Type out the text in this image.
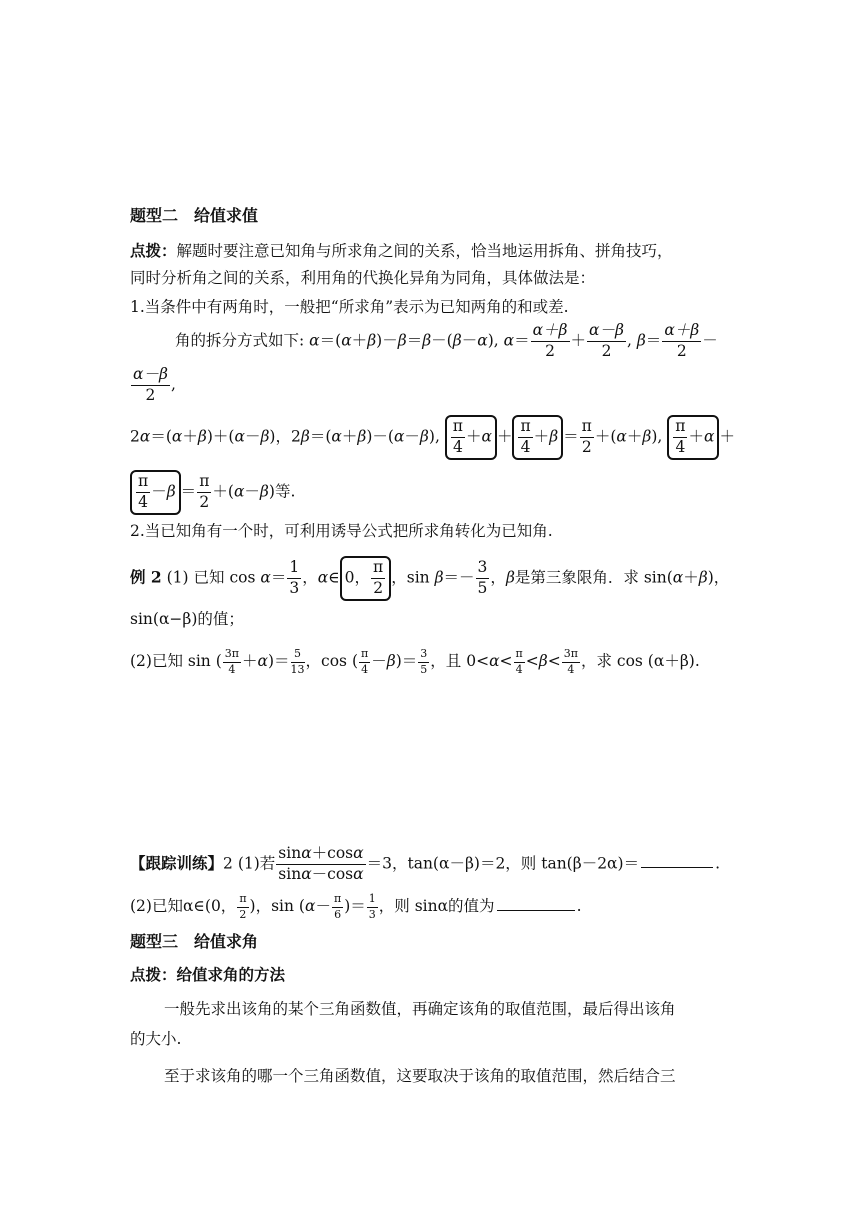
题型二　给值求值
点拨：解题时要注意已知角与所求角之间的关系，恰当地运用拆角、拼角技巧，
同时分析角之间的关系，利用角的代换化异角为同角，具体做法是：
1.当条件中有两角时，一般把“所求角”表示为已知两角的和或差.
角的拆分方式如下: α＝(α＋β)－β＝β－(β－α), $\alpha= \frac{\alpha+\beta}{2} + \frac{\alpha-\beta}{2}$ , $\beta= \frac{\alpha+\beta}{2}$ －
$\frac{\alpha-\beta}{2}$ ,
2α＝(α＋β)＋(α－β)，2β＝(α＋β)－(α－β), $\frac{\pi}{4} +\alpha + \frac{\pi}{4} +\beta = \frac{\pi}{2} +(\alpha+\beta)$, $\frac{\pi}{4} +\alpha$ ＋
$\frac{\pi}{4} -\beta = \frac{\pi}{2} +(\alpha-\beta)$等.
2.当已知角有一个时，可利用诱导公式把所求角转化为已知角.
例 2 (1) 已知 $\cos \alpha= \frac{1}{3}$ ，α∈ 0， $\frac{\pi}{2}$ ，$\sin \beta=- \frac{3}{5}$ ，β是第三象限角．求 sin(α＋β)，
sin(α−β)的值；
(2)已知 sin ( $\frac{3\pi}{4} +\alpha)= \frac{5}{13}$ ，cos ( $\frac{\pi}{4} -\beta)= \frac{3}{5}$ ，且 $0<\alpha< \frac{\pi}{4} <\beta< \frac{3\pi}{4}$ ，求 cos (α＋β).
【跟踪训练】2 (1)若 $\frac{\sin\alpha+\cos\alpha}{\sin\alpha-\cos\alpha} =3$，tan(α－β)＝2，则 tan(β－2α)＝	.
(2)已知α∈(0， $\frac{\pi}{2}$ )，$\sin (\alpha- \frac{\pi}{6}$ )＝ $\frac{1}{3}$ ，则 sinα的值为	.
题型三　给值求角
点拨：给值求角的方法
一般先求出该角的某个三角函数值，再确定该角的取值范围，最后得出该角
的大小.
至于求该角的哪一个三角函数值，这要取决于该角的取值范围，然后结合三
